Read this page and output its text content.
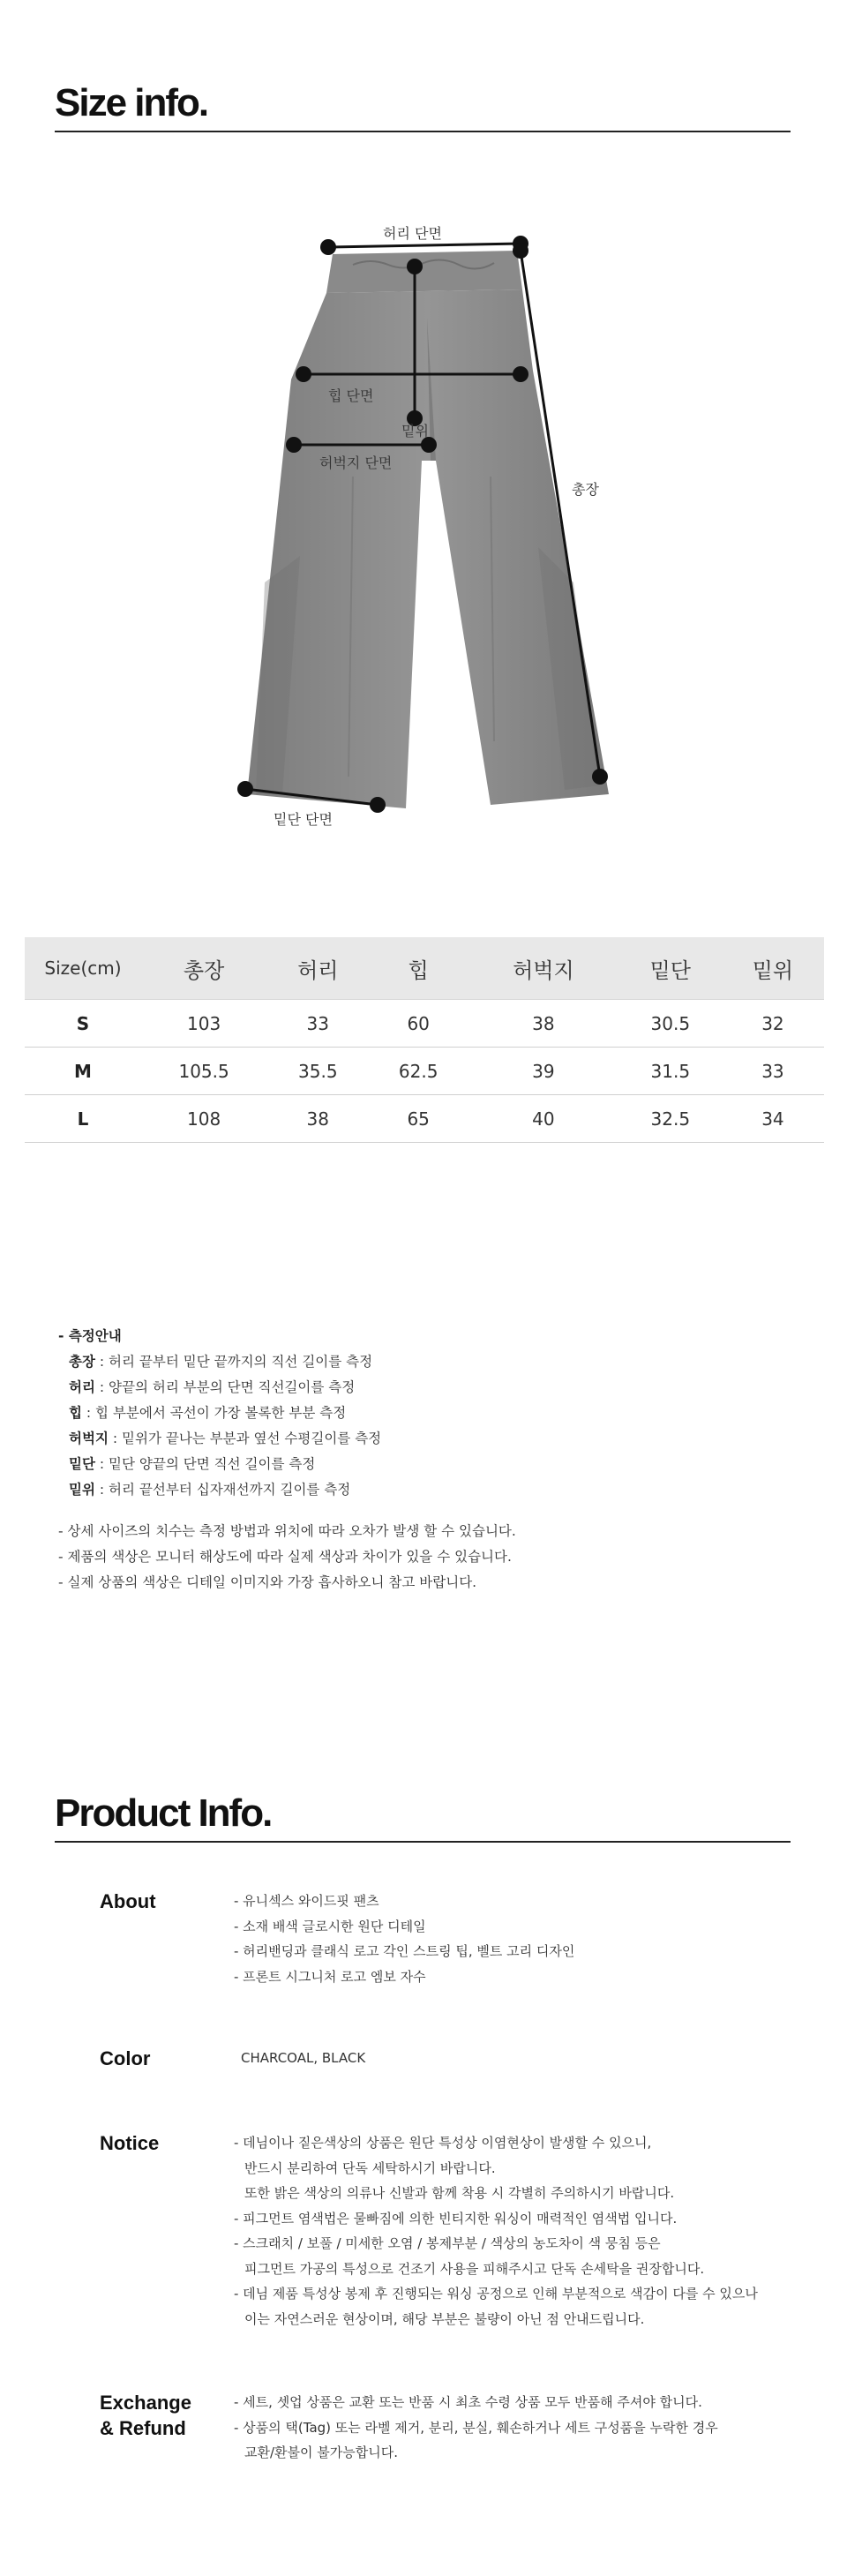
Size info.
허리 단면
힙 단면
밑위
허벅지 단면
총장
밑단 단면
Size(cm)	총장	허리	힙	허벅지	밑단	밑위
S	103	33	60	38	30.5	32
M	105.5	35.5	62.5	39	31.5	33
L	108	38	65	40	32.5	34
- 측정안내
총장 : 허리 끝부터 밑단 끝까지의 직선 길이를 측정
허리 : 양끝의 허리 부분의 단면 직선길이를 측정
힙 : 힙 부분에서 곡선이 가장 볼록한 부분 측정
허벅지 : 밑위가 끝나는 부분과 옆선 수평길이를 측정
밑단 : 밑단 양끝의 단면 직선 길이를 측정
밑위 : 허리 끝선부터 십자재선까지 길이를 측정
- 상세 사이즈의 치수는 측정 방법과 위치에 따라 오차가 발생 할 수 있습니다.
- 제품의 색상은 모니터 해상도에 따라 실제 색상과 차이가 있을 수 있습니다.
- 실제 상품의 색상은 디테일 이미지와 가장 흡사하오니 참고 바랍니다.
Product Info.
About	- 유니섹스 와이드핏 팬츠
- 소재 배색 글로시한 원단 디테일
- 허리밴딩과 클래식 로고 각인 스트링 팁, 벨트 고리 디자인
- 프론트 시그니처 로고 엠보 자수
Color	CHARCOAL, BLACK
Notice	- 데님이나 짙은색상의 상품은 원단 특성상 이염현상이 발생할 수 있으니,
반드시 분리하여 단독 세탁하시기 바랍니다.
또한 밝은 색상의 의류나 신발과 함께 착용 시 각별히 주의하시기 바랍니다.
- 피그먼트 염색법은 물빠짐에 의한 빈티지한 워싱이 매력적인 염색법 입니다.
- 스크래치 / 보풀 / 미세한 오염 / 봉제부분 / 색상의 농도차이 색 뭉침 등은
피그먼트 가공의 특성으로 건조기 사용을 피해주시고 단독 손세탁을 권장합니다.
- 데님 제품 특성상 봉제 후 진행되는 워싱 공정으로 인해 부분적으로 색감이 다를 수 있으나
이는 자연스러운 현상이며, 해당 부분은 불량이 아닌 점 안내드립니다.
Exchange
& Refund
- 세트, 셋업 상품은 교환 또는 반품 시 최초 수령 상품 모두 반품해 주셔야 합니다.
- 상품의 택(Tag) 또는 라벨 제거, 분리, 분실, 훼손하거나 세트 구성품을 누락한 경우
교환/환불이 불가능합니다.
